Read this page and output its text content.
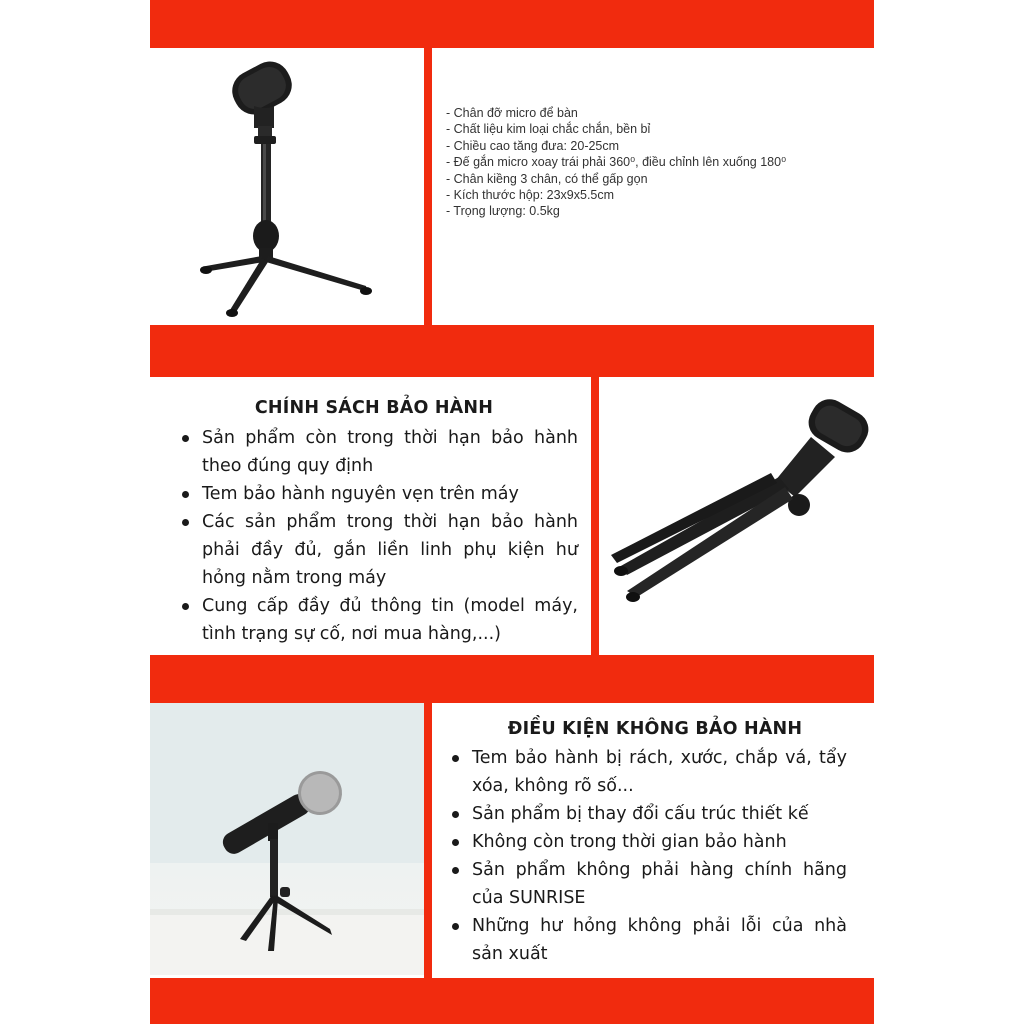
- Chân đỡ micro để bàn
- Chất liệu kim loại chắc chắn, bền bỉ
- Chiều cao tăng đưa: 20-25cm
- Đế gắn micro xoay trái phải 360⁰, điều chỉnh lên xuống 180⁰
- Chân kiềng 3 chân, có thể gấp gọn
- Kích thước hộp: 23x9x5.5cm
- Trọng lượng: 0.5kg
CHÍNH SÁCH BẢO HÀNH
Sản phẩm còn trong thời hạn bảo hành theo đúng quy định
Tem bảo hành nguyên vẹn trên máy
Các sản phẩm trong thời hạn bảo hành phải đầy đủ, gắn liền linh phụ kiện hư hỏng nằm trong máy
Cung cấp đầy đủ thông tin (model máy, tình trạng sự cố, nơi mua hàng,...)
ĐIỀU KIỆN KHÔNG BẢO HÀNH
Tem bảo hành bị rách, xước, chắp vá, tẩy xóa, không rõ số...
Sản phẩm bị thay đổi cấu trúc thiết kế
Không còn trong thời gian bảo hành
Sản phẩm không phải hàng chính hãng của SUNRISE
Những hư hỏng không phải lỗi của nhà sản xuất
